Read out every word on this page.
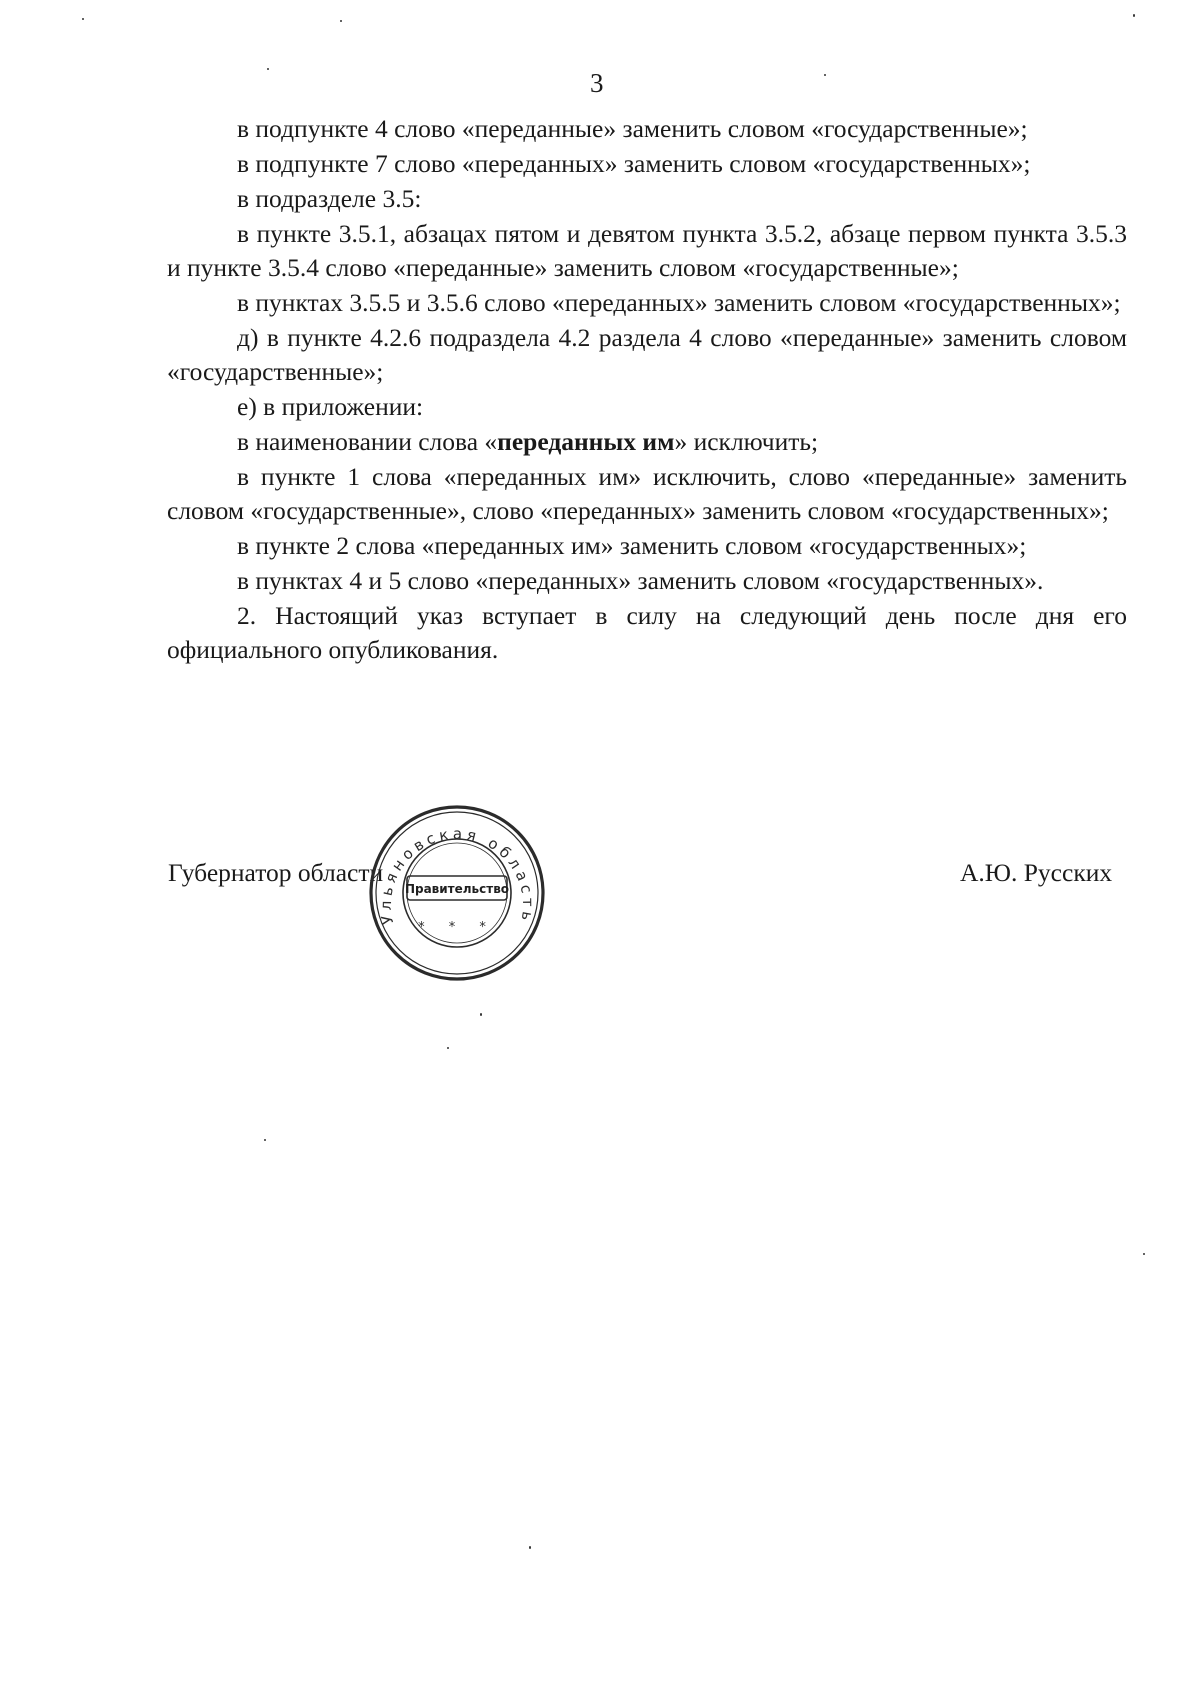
3

в подпункте 4 слово «переданные» заменить словом «государственные»;

в подпункте 7 слово «переданных» заменить словом «государственных»;

в подразделе 3.5:

в пункте 3.5.1, абзацах пятом и девятом пункта 3.5.2, абзаце первом пункта 3.5.3 и пункте 3.5.4 слово «переданные» заменить словом «государственные»;

в пунктах 3.5.5 и 3.5.6 слово «переданных» заменить словом «государственных»;

д) в пункте 4.2.6 подраздела 4.2 раздела 4 слово «переданные» заменить словом «государственные»;

е) в приложении:

в наименовании слова «переданных им» исключить;

в пункте 1 слова «переданных им» исключить, слово «переданные» заменить словом «государственные», слово «переданных» заменить словом «государственных»;

в пункте 2 слова «переданных им» заменить словом «государственных»;

в пунктах 4 и 5 слово «переданных» заменить словом «государственных».

2. Настоящий указ вступает в силу на следующий день после дня его официального опубликования.

Губернатор области	А.Ю. Русских
Ульяновская область
Правительство
* * *
